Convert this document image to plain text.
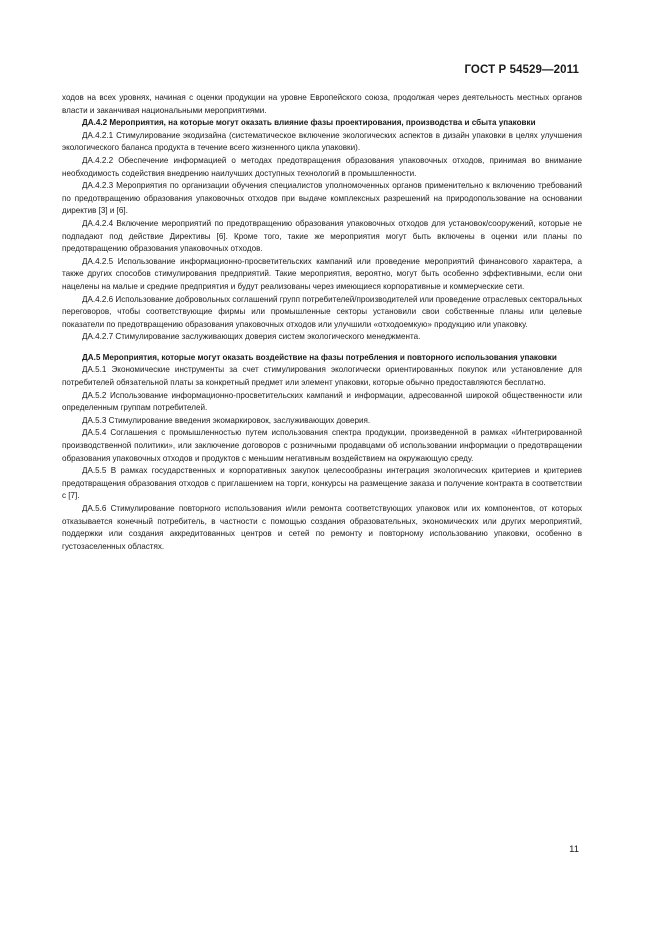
ГОСТ Р 54529—2011

ходов на всех уровнях, начиная с оценки продукции на уровне Европейского союза, продолжая через деятельность местных органов власти и заканчивая национальными мероприятиями.

ДА.4.2 Мероприятия, на которые могут оказать влияние фазы проектирования, производства и сбыта упаковки

ДА.4.2.1 Стимулирование экодизайна (систематическое включение экологических аспектов в дизайн упаковки в целях улучшения экологического баланса продукта в течение всего жизненного цикла упаковки).

ДА.4.2.2 Обеспечение информацией о методах предотвращения образования упаковочных отходов, принимая во внимание необходимость содействия внедрению наилучших доступных технологий в промышленности.

ДА.4.2.3 Мероприятия по организации обучения специалистов уполномоченных органов применительно к включению требований по предотвращению образования упаковочных отходов при выдаче комплексных разрешений на природопользование на основании директив [3] и [6].

ДА.4.2.4 Включение мероприятий по предотвращению образования упаковочных отходов для установок/сооружений, которые не подпадают под действие Директивы [6]. Кроме того, такие же мероприятия могут быть включены в оценки или планы по предотвращению образования упаковочных отходов.

ДА.4.2.5 Использование информационно-просветительских кампаний или проведение мероприятий финансового характера, а также других способов стимулирования предприятий. Такие мероприятия, вероятно, могут быть особенно эффективными, если они нацелены на малые и средние предприятия и будут реализованы через имеющиеся корпоративные и коммерческие сети.

ДА.4.2.6 Использование добровольных соглашений групп потребителей/производителей или проведение отраслевых секторальных переговоров, чтобы соответствующие фирмы или промышленные секторы установили свои собственные планы или целевые показатели по предотвращению образования упаковочных отходов или улучшили «отходоемкую» продукцию или упаковку.

ДА.4.2.7 Стимулирование заслуживающих доверия систем экологического менеджмента.

ДА.5 Мероприятия, которые могут оказать воздействие на фазы потребления и повторного использования упаковки

ДА.5.1 Экономические инструменты за счет стимулирования экологически ориентированных покупок или установление для потребителей обязательной платы за конкретный предмет или элемент упаковки, которые обычно предоставляются бесплатно.

ДА.5.2 Использование информационно-просветительских кампаний и информации, адресованной широкой общественности или определенным группам потребителей.

ДА.5.3 Стимулирование введения экомаркировок, заслуживающих доверия.

ДА.5.4 Соглашения с промышленностью путем использования спектра продукции, произведенной в рамках «Интегрированной производственной политики», или заключение договоров с розничными продавцами об использовании информации о предотвращении образования упаковочных отходов и продуктов с меньшим негативным воздействием на окружающую среду.

ДА.5.5 В рамках государственных и корпоративных закупок целесообразны интеграция экологических критериев и критериев предотвращения образования отходов с приглашением на торги, конкурсы на размещение заказа и получение контракта в соответствии с [7].

ДА.5.6 Стимулирование повторного использования и/или ремонта соответствующих упаковок или их компонентов, от которых отказывается конечный потребитель, в частности с помощью создания образовательных, экономических или других мероприятий, поддержки или создания аккредитованных центров и сетей по ремонту и повторному использованию упаковки, особенно в густозаселенных областях.

11
